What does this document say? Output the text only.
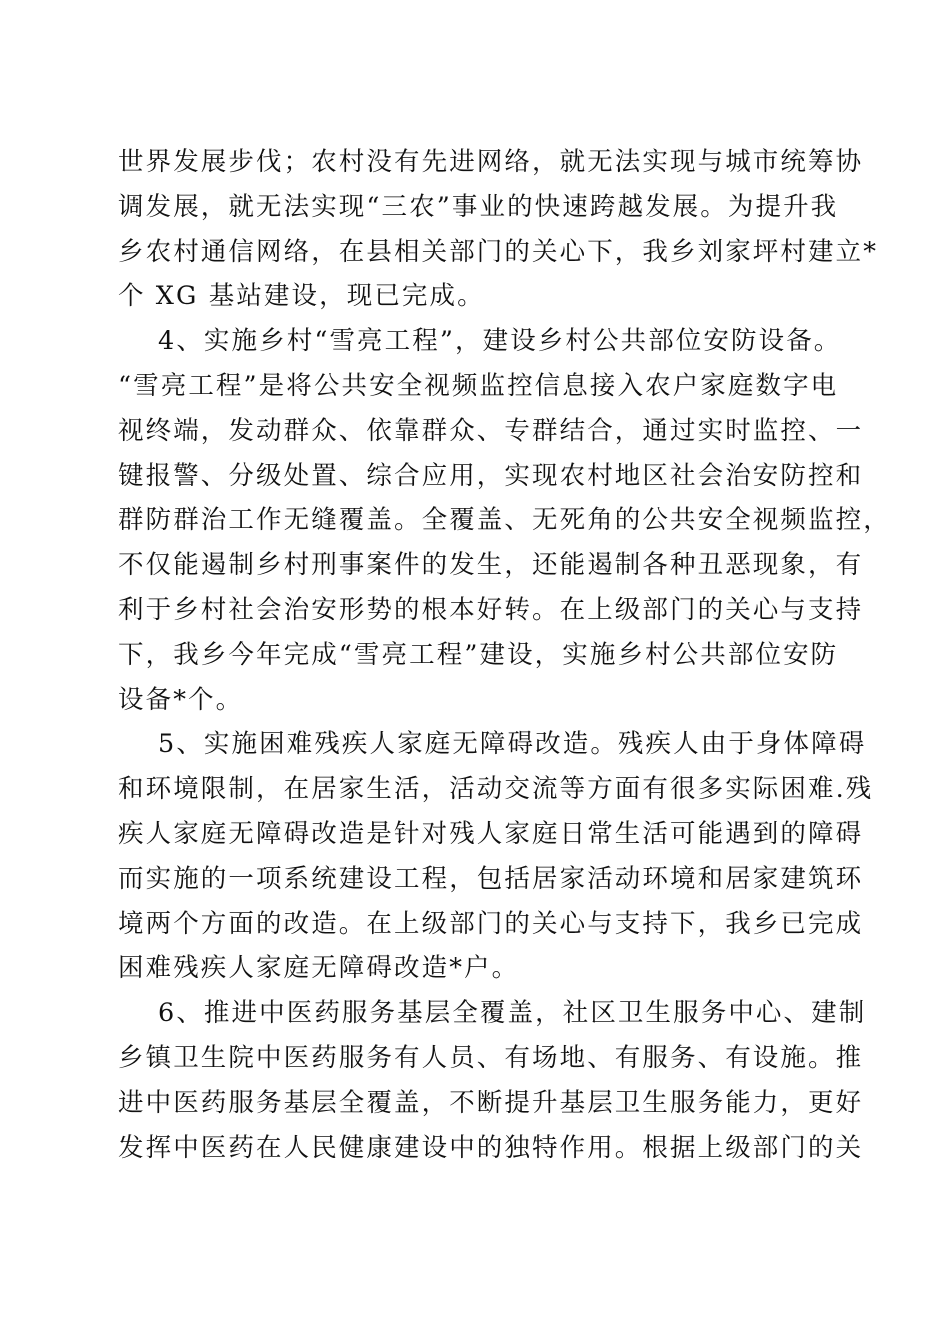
世界发展步伐；农村没有先进网络，就无法实现与城市统筹协
调发展，就无法实现“三农”事业的快速跨越发展。为提升我
乡农村通信网络，在县相关部门的关心下，我乡刘家坪村建立*
个 XG 基站建设，现已完成。
4、实施乡村“雪亮工程”，建设乡村公共部位安防设备。
“雪亮工程”是将公共安全视频监控信息接入农户家庭数字电
视终端，发动群众、依靠群众、专群结合，通过实时监控、一
键报警、分级处置、综合应用，实现农村地区社会治安防控和
群防群治工作无缝覆盖。全覆盖、无死角的公共安全视频监控，
不仅能遏制乡村刑事案件的发生，还能遏制各种丑恶现象，有
利于乡村社会治安形势的根本好转。在上级部门的关心与支持
下，我乡今年完成“雪亮工程”建设，实施乡村公共部位安防
设备*个。
5、实施困难残疾人家庭无障碍改造。残疾人由于身体障碍
和环境限制，在居家生活，活动交流等方面有很多实际困难.残
疾人家庭无障碍改造是针对残人家庭日常生活可能遇到的障碍
而实施的一项系统建设工程，包括居家活动环境和居家建筑环
境两个方面的改造。在上级部门的关心与支持下，我乡已完成
困难残疾人家庭无障碍改造*户。
6、推进中医药服务基层全覆盖，社区卫生服务中心、建制
乡镇卫生院中医药服务有人员、有场地、有服务、有设施。推
进中医药服务基层全覆盖，不断提升基层卫生服务能力，更好
发挥中医药在人民健康建设中的独特作用。根据上级部门的关
